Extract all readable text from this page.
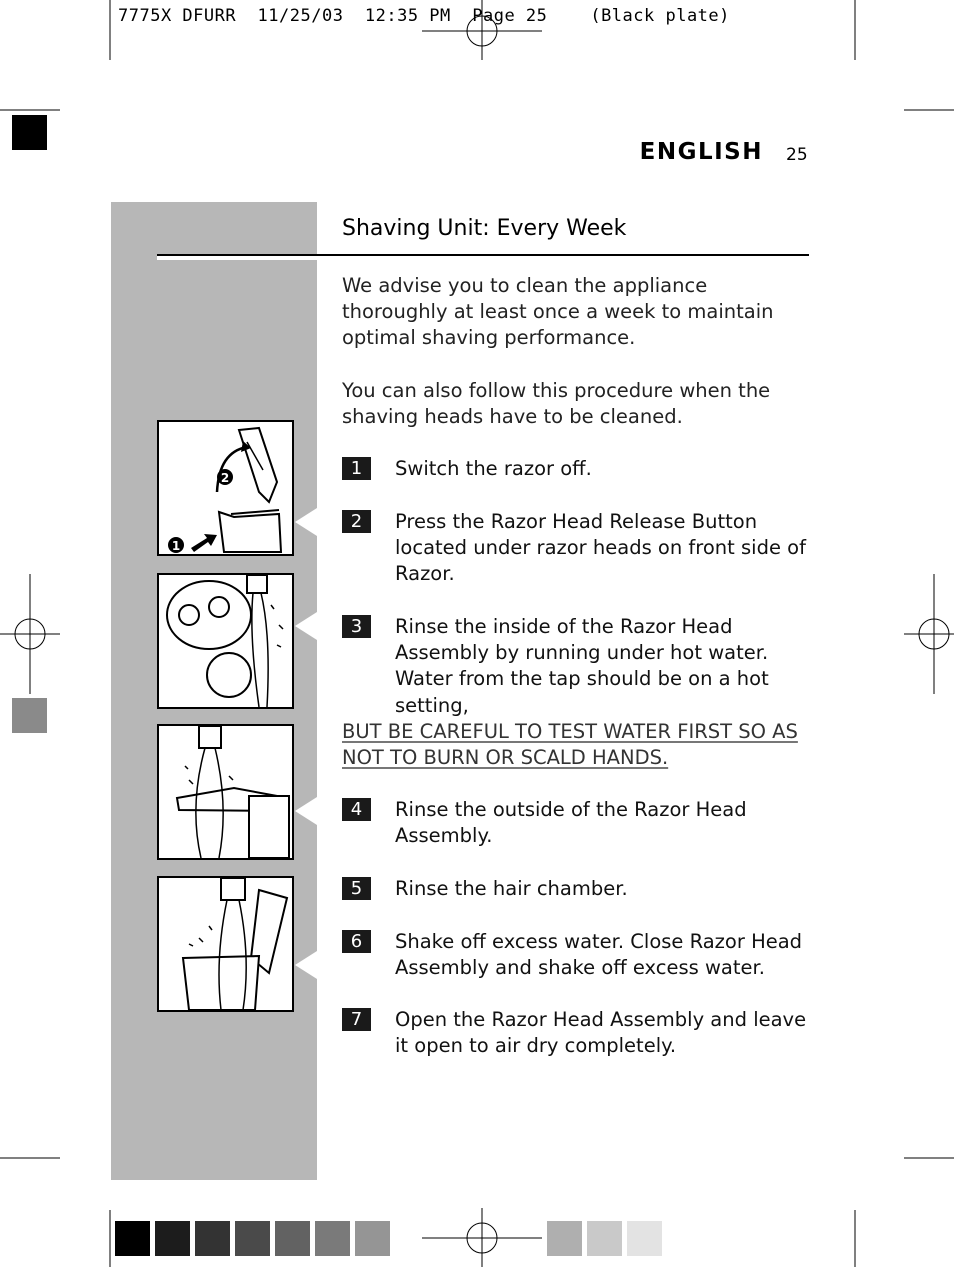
7775X DFURR  11/25/03  12:35 PM  Page 25    (Black plate)
ENGLISH 25
Shaving Unit: Every Week
We advise you to clean the appliance thoroughly at least once a week to maintain optimal shaving performance.
You can also follow this procedure when the shaving heads have to be cleaned.
2
1
1	Switch the razor off.
2	Press the Razor Head Release Button located under razor heads on front side of Razor.
3	Rinse the inside of the Razor Head Assembly by running under hot water. Water from the tap should be on a hot setting,
BUT BE CAREFUL TO TEST WATER FIRST SO AS NOT TO BURN OR SCALD HANDS.
4	Rinse the outside of the Razor Head Assembly.
5	Rinse the hair chamber.
6	Shake off excess water. Close Razor Head Assembly and shake off excess water.
7	Open the Razor Head Assembly and leave it open to air dry completely.
